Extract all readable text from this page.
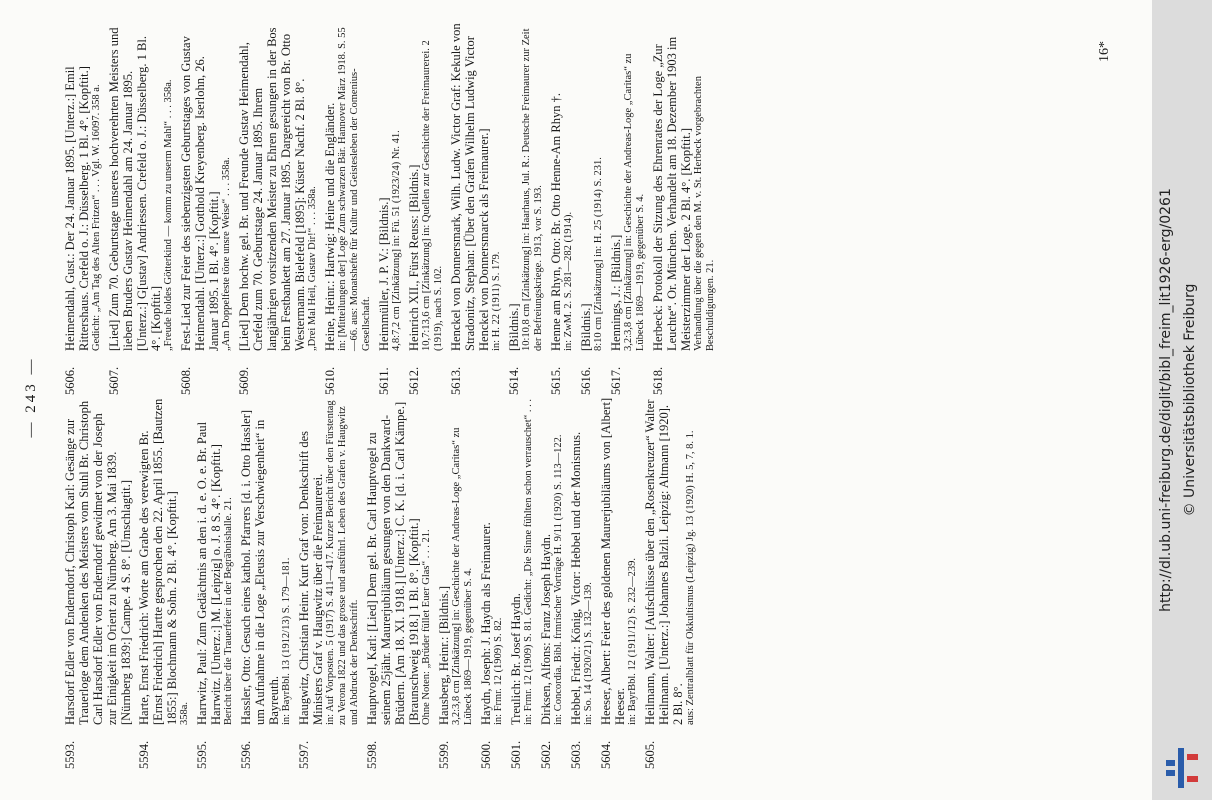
— 243 —
5593.
Harsdorf Edler von Enderndorf, Christoph Karl: Gesänge zur Trauerloge dem Andenken des Meisters vom Stuhl Br. Christoph Carl Harsdorf Edler von Enderndorf gewidmet von der Joseph zur Einigkeit im Orient zu Nürnberg. Am 3. Mai 1839. [Nürnberg 1839:] Campe. 4 S. 8°. [Umschlagtit.]
5594.
Harte, Ernst Friedrich: Worte am Grabe des verewigten Br. [Ernst Friedrich] Hartte gesprochen den 22. April 1855. [Bautzen 1855:] Blochmann & Sohn. 2 Bl. 4°. [Kopftit.] 358a.
5595.
Harrwitz, Paul: Zum Gedächtnis an den i. d. e. O. e. Br. Paul Harrwitz. [Unterz.:] M. [Leipzig] o. J. 8 S. 4°. [Kopftit.] Bericht über die Trauerfeier in der Begräbnishalle. 21.
5596.
Hassler, Otto: Gesuch eines kathol. Pfarrers [d. i. Otto Hassler] um Aufnahme in die Loge „Eleusis zur Verschwiegenheit“ in Bayreuth. in: BayrBbl. 13 (1912/13) S. 179—181.
5597.
Haugwitz, Christian Heinr. Kurt Graf von: Denkschrift des Ministers Graf v. Haugwitz über die Freimaurerei. in: Auf Vorposten. 5 (1917) S. 411—417. Kurzer Bericht über den Fürstentag zu Verona 1822 und das grosse und ausführl. Leben des Grafen v. Haugwitz und Abdruck der Denkschrift.
5598.
Hauptvogel, Karl: [Lied] Dem gel. Br. Carl Hauptvogel zu seinem 25jähr. Maurerjubiläum gesungen von den Dankward-Brüdern. [Am 18. XI. 1918.] [Unterz.:] C. K. [d. i. Carl Kämpe.] [Braunschweig 1918.] 1 Bl. 8°. [Kopftit.] Ohne Noten: „Brüder füllet Euer Glas“ . . . 21.
5599.
Hausberg, Heinr.: [Bildnis.] 3,2:3,8 cm [Zinkätzung] in: Geschichte der Andreas-Loge „Caritas“ zu Lübeck 1869—1919, gegenüber S. 4.
5600.
Haydn, Joseph: J. Haydn als Freimaurer. in: Frmr. 12 (1909) S. 82.
5601.
Treulich: Br. Josef Haydn. in: Frmr. 12 (1909) S. 81. Gedicht: „Die Sinne fühlten schon verrauschet“ . . .
5602.
Dirksen, Alfons: Franz Joseph Haydn. in: Concordia. Bibl. frmrischer Vorträge H. 9/11 (1920) S. 113—122.
5603.
Hebbel, Friedr.: König, Victor: Hebbel und der Monismus. in: So. 14 (1920/21) S. 132—139.
5604.
Heeser, Albert: Feier des goldenen Maurerjubiläums von [Albert] Heeser. in: BayrBbl. 12 (1911/12) S. 232—239.
5605.
Heilmann, Walter: [Aufschlüsse über den „Rosenkreuzer“ Walter Heilmann. [Unterz.:] Johannes Balzli. Leipzig: Altmann [1920]. 2 Bl. 8°. aus: Zentralblatt für Okkultismus (Leipzig) Jg. 13 (1920) H. 5, 7, 8. 1.
5606.
Heimendahl, Gust.: Der 24. Januar 1895. [Unterz.:] Emil Rittershaus. Crefeld o. J.: Düsselberg. 1 Bl. 4°. [Kopftit.] Gedicht: „Am Tag des Alten Fritzen“ . . . Vgl. W. 16097. 358 a.
5607.
[Lied] Zum 70. Geburtstage unseres hochverehrten Meisters und lieben Bruders Gustav Heimendahl am 24. Januar 1895. [Unterz.:] G[ustav] Andriessen. Crefeld o. J.: Düsselberg. 1 Bl. 4°. [Kopftit.] „Freude holdes Götterkind — komm zu unserm Mahl“ . . . 358a.
5608.
Fest-Lied zur Feier des siebenzigsten Geburtstages von Gustav Heimendahl. [Unterz.:] Gotthold Kreyenberg. Iserlohn, 26. Januar 1895. 1 Bl. 4°. [Kopftit.] „Am Doppelfeste töne unsre Weise“ . . . 358a.
5609.
[Lied] Dem hochw. gel. Br. und Freunde Gustav Heimendahl, Crefeld zum 70. Geburtstage 24. Januar 1895. Ihrem langjährigen vorsitzenden Meister zu Ehren gesungen in der Bos beim Festbankett am 27. Januar 1895. Dargereicht von Br. Otto Westermann. Bielefeld [1895]: Küster Nachf. 2 Bl. 8°. „Drei Mal Heil, Gustav Dir!“ . . . 358a.
5610.
Heine, Heinr.: Hartwig: Heine und die Engländer. in: [Mitteilungen der] Loge Zum schwarzen Bär. Hannover März 1918. S. 55—66. aus: Monatshefte für Kultur und Geistesleben der Comenius-Gesellschaft.
5611.
Heimmüller, J. P. V.: [Bildnis.] 4,8:7,2 cm [Zinkätzung] in: Fü. 51 (1923/24) Nr. 41.
5612.
Heinrich XII., Fürst Reuss: [Bildnis.] 10,7:13,6 cm [Zinkätzung] in: Quellen zur Geschichte der Freimaurerei. 2 (1919), nach S. 102.
5613.
Henckel von Donnersmark, Wilh. Ludw. Victor Graf: Kekule von Stradonitz, Stephan: [Über den Grafen Wilhelm Ludwig Victor Henckel von Donnersmarck als Freimaurer.] in: H. 22 (1911) S. 179.
5614.
[Bildnis.] 10:10,8 cm [Zinkätzung] in: Haarhaus, Jul. R.: Deutsche Freimaurer zur Zeit der Befreiungskriege. 1913, vor S. 193.
5615.
Henne am Rhyn, Otto: Br. Otto Henne-Am Rhyn †. in: ZwM. 2. S. 281—282 (1914).
5616.
[Bildnis.] 8:10 cm [Zinkätzung] in: H. 25 (1914) S. 231.
5617.
Hennings, J.: [Bildnis.] 3,2:3,8 cm [Zinkätzung] in: Geschichte der Andreas-Loge „Caritas“ zu Lübeck 1869—1919, gegenüber S. 4.
5618.
Herbeck: Protokoll der Sitzung des Ehrenrates der Loge „Zur Leuchte“. Or. München. Verhandelt am 18. Dezember 1903 im Meisterzimmer der Loge. 2 Bl. 4°. [Kopftit.] Verhandlung über die gegen den M. v. St. Herbeck vorgebrachten Beschuldigungen. 21.
16*
http://dl.ub.uni-freiburg.de/diglit/bibl_freim_lit1926-erg/0261 © Universitätsbibliothek Freiburg
